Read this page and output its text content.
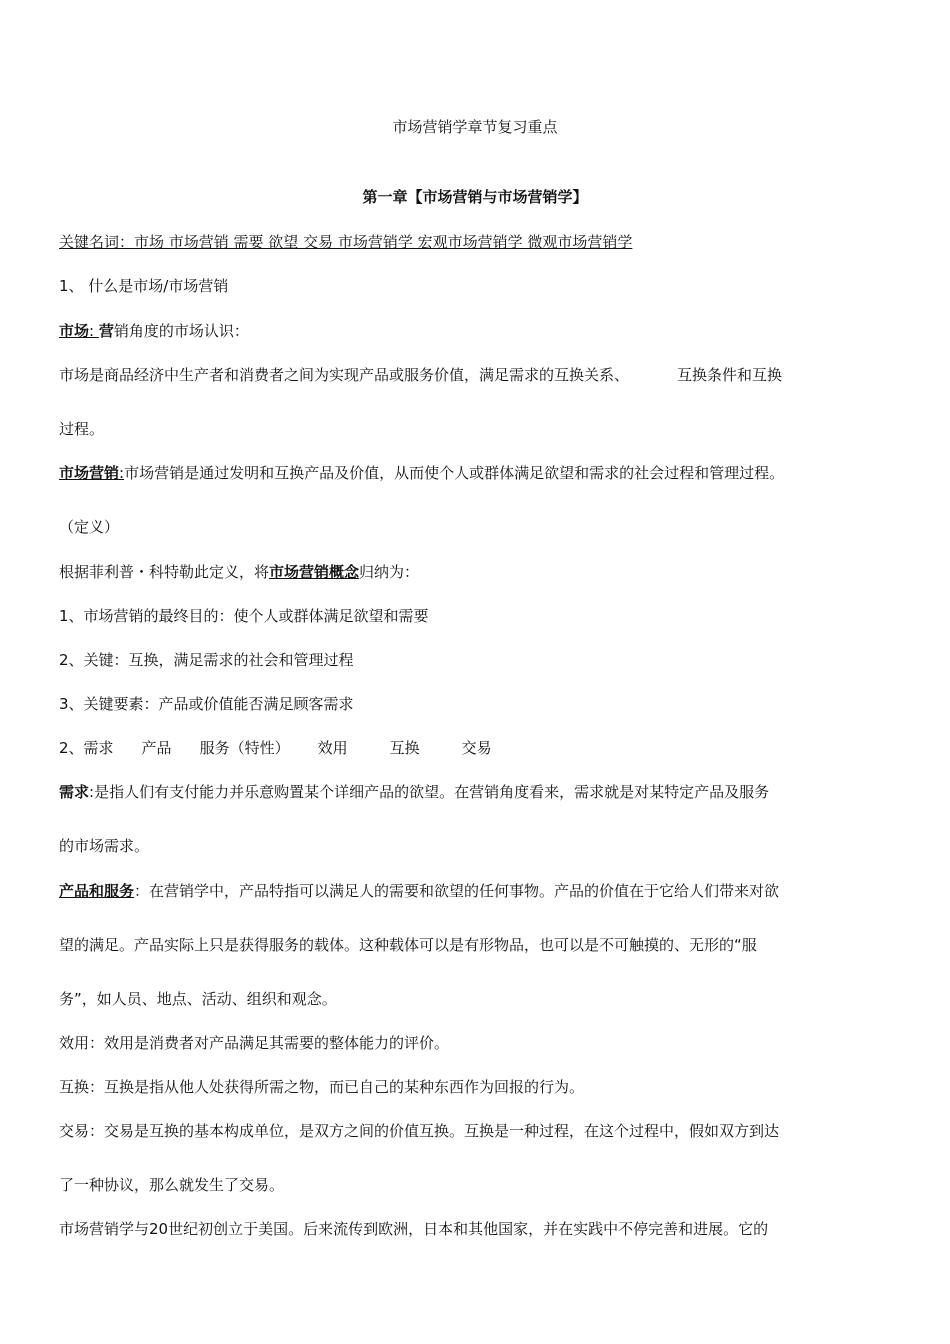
市场营销学章节复习重点
第一章【市场营销与市场营销学】
关键名词：市场 市场营销 需要 欲望 交易 市场营销学 宏观市场营销学 微观市场营销学
1、 什么是市场/市场营销
市场: 营销角度的市场认识：
市场是商品经济中生产者和消费者之间为实现产品或服务价值，满足需求的互换关系、	互换条件和互换
过程。
市场营销:市场营销是通过发明和互换产品及价值，从而使个人或群体满足欲望和需求的社会过程和管理过程。
（定义）
根据菲利普・科特勒此定义，将市场营销概念归纳为：
1、市场营销的最终目的：使个人或群体满足欲望和需要
2、关键：互换，满足需求的社会和管理过程
3、关键要素：产品或价值能否满足顾客需求
2、需求 产品 服务（特性） 效用	互换	交易
需求:是指人们有支付能力并乐意购置某个详细产品的欲望。在营销角度看来，需求就是对某特定产品及服务
的市场需求。
产品和服务：在营销学中，产品特指可以满足人的需要和欲望的任何事物。产品的价值在于它给人们带来对欲
望的满足。产品实际上只是获得服务的载体。这种载体可以是有形物品，也可以是不可触摸的、无形的“服
务”，如人员、地点、活动、组织和观念。
效用：效用是消费者对产品满足其需要的整体能力的评价。
互换：互换是指从他人处获得所需之物，而已自己的某种东西作为回报的行为。
交易：交易是互换的基本构成单位，是双方之间的价值互换。互换是一种过程，在这个过程中，假如双方到达
了一种协议，那么就发生了交易。
市场营销学与20世纪初创立于美国。后来流传到欧洲，日本和其他国家，并在实践中不停完善和进展。它的
